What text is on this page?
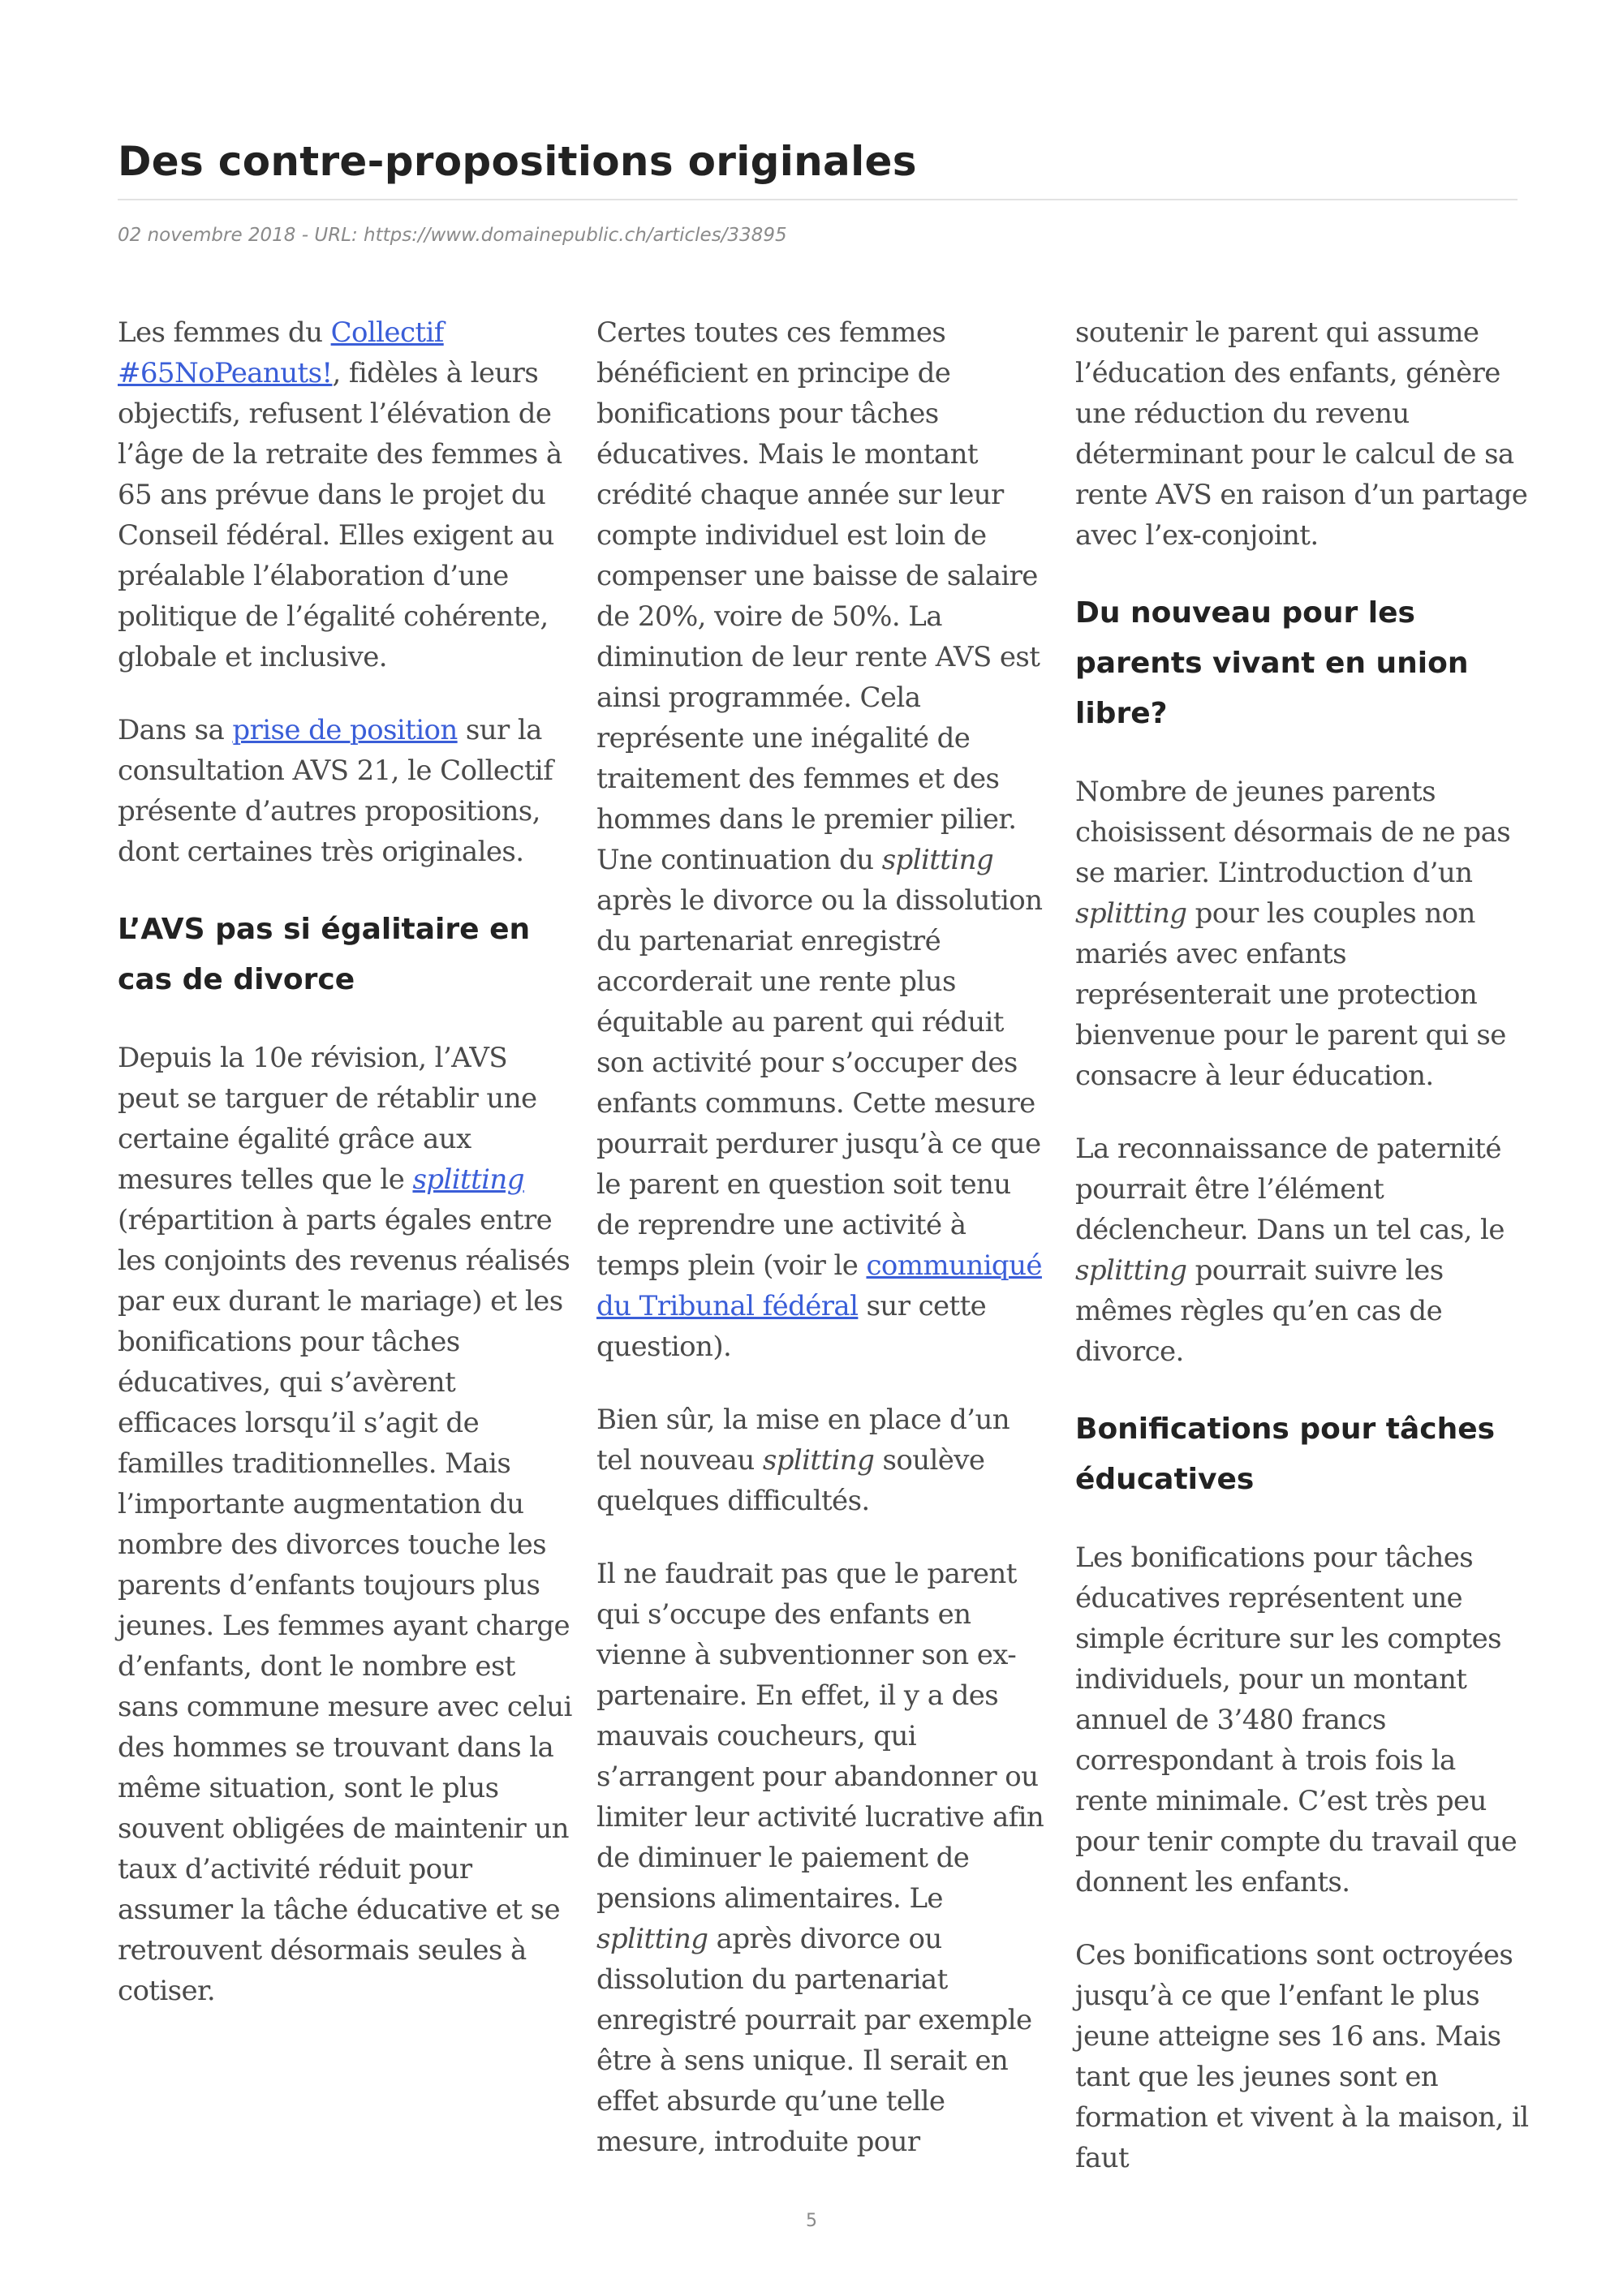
Des contre-propositions originales
02 novembre 2018 - URL: https://www.domainepublic.ch/articles/33895

Les femmes du Collectif #65NoPeanuts!, fidèles à leurs objectifs, refusent l’élévation de l’âge de la retraite des femmes à 65 ans prévue dans le projet du Conseil fédéral. Elles exigent au préalable l’élaboration d’une politique de l’égalité cohérente, globale et inclusive.

Dans sa prise de position sur la consultation AVS 21, le Collectif présente d’autres propositions, dont certaines très originales.

L’AVS pas si égalitaire en cas de divorce

Depuis la 10e révision, l’AVS peut se targuer de rétablir une certaine égalité grâce aux mesures telles que le splitting (répartition à parts égales entre les conjoints des revenus réalisés par eux durant le mariage) et les bonifications pour tâches éducatives, qui s’avèrent efficaces lorsqu’il s’agit de familles traditionnelles. Mais l’importante augmentation du nombre des divorces touche les parents d’enfants toujours plus jeunes. Les femmes ayant charge d’enfants, dont le nombre est sans commune mesure avec celui des hommes se trouvant dans la même situation, sont le plus souvent obligées de maintenir un taux d’activité réduit pour assumer la tâche éducative et se retrouvent désormais seules à cotiser.

Certes toutes ces femmes bénéficient en principe de bonifications pour tâches éducatives. Mais le montant crédité chaque année sur leur compte individuel est loin de compenser une baisse de salaire de 20%, voire de 50%. La diminution de leur rente AVS est ainsi programmée. Cela représente une inégalité de traitement des femmes et des hommes dans le premier pilier. Une continuation du splitting après le divorce ou la dissolution du partenariat enregistré accorderait une rente plus équitable au parent qui réduit son activité pour s’occuper des enfants communs. Cette mesure pourrait perdurer jusqu’à ce que le parent en question soit tenu de reprendre une activité à temps plein (voir le communiqué du Tribunal fédéral sur cette question).

Bien sûr, la mise en place d’un tel nouveau splitting soulève quelques difficultés.

Il ne faudrait pas que le parent qui s’occupe des enfants en vienne à subventionner son ex-partenaire. En effet, il y a des mauvais coucheurs, qui s’arrangent pour abandonner ou limiter leur activité lucrative afin de diminuer le paiement de pensions alimentaires. Le splitting après divorce ou dissolution du partenariat enregistré pourrait par exemple être à sens unique. Il serait en effet absurde qu’une telle mesure, introduite pour

soutenir le parent qui assume l’éducation des enfants, génère une réduction du revenu déterminant pour le calcul de sa rente AVS en raison d’un partage avec l’ex-conjoint.

Du nouveau pour les parents vivant en union libre?

Nombre de jeunes parents choisissent désormais de ne pas se marier. L’introduction d’un splitting pour les couples non mariés avec enfants représenterait une protection bienvenue pour le parent qui se consacre à leur éducation.

La reconnaissance de paternité pourrait être l’élément déclencheur. Dans un tel cas, le splitting pourrait suivre les mêmes règles qu’en cas de divorce.

Bonifications pour tâches éducatives

Les bonifications pour tâches éducatives représentent une simple écriture sur les comptes individuels, pour un montant annuel de 3’480 francs correspondant à trois fois la rente minimale. C’est très peu pour tenir compte du travail que donnent les enfants.

Ces bonifications sont octroyées jusqu’à ce que l’enfant le plus jeune atteigne ses 16 ans. Mais tant que les jeunes sont en formation et vivent à la maison, il faut

5
